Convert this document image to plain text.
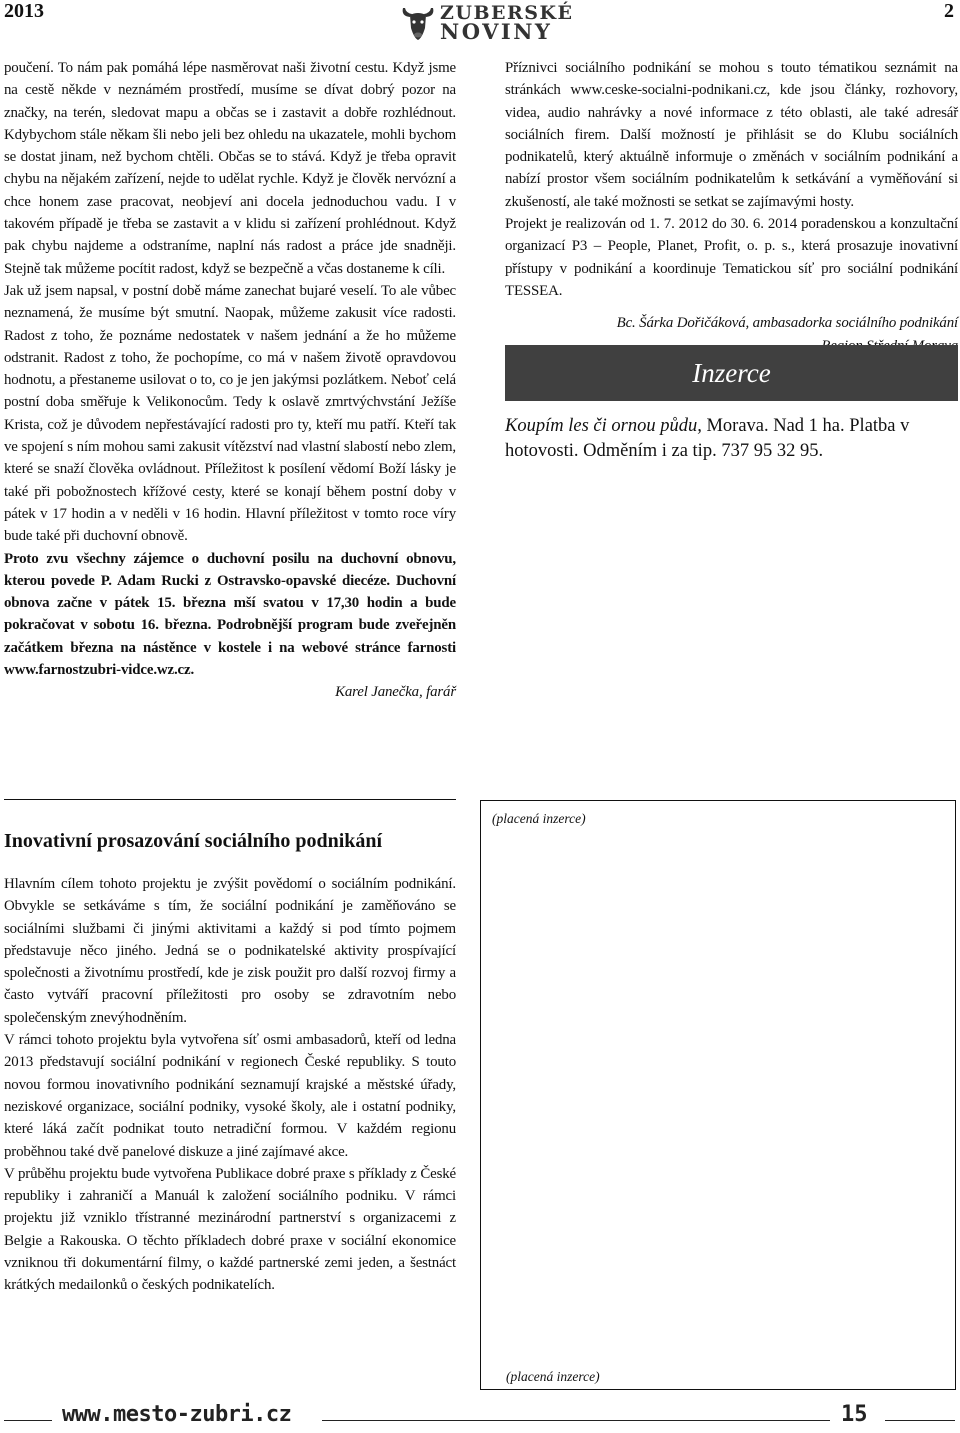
2013	ZUBERSKÉ
NOVINY
2

poučení. To nám pak pomáhá lépe nasměrovat naši životní cestu. Když jsme na cestě někde v neznámém prostředí, musíme se dívat dobrý pozor na značky, na terén, sledovat mapu a občas se i zastavit a dobře rozhlédnout. Kdybychom stále někam šli nebo jeli bez ohledu na ukazatele, mohli bychom se dostat jinam, než bychom chtěli. Občas se to stává. Když je třeba opravit chybu na nějakém zařízení, nejde to udělat rychle. Když je člověk nervózní a chce honem zase pracovat, neobjeví ani docela jednoduchou vadu. I v takovém případě je třeba se zastavit a v klidu si zařízení prohlédnout. Když pak chybu najdeme a odstraníme, naplní nás radost a práce jde snadněji. Stejně tak můžeme pocítit radost, když se bezpečně a včas dostaneme k cíli.

Jak už jsem napsal, v postní době máme zanechat bujaré veselí. To ale vůbec neznamená, že musíme být smutní. Naopak, můžeme zakusit více radosti. Radost z toho, že poznáme nedostatek v našem jednání a že ho můžeme odstranit. Radost z toho, že pochopíme, co má v našem životě opravdovou hodnotu, a přestaneme usilovat o to, co je jen jakýmsi pozlátkem. Neboť celá postní doba směřuje k Velikonocům. Tedy k oslavě zmrtvýchvstání Ježíše Krista, což je důvodem nepřestávající radosti pro ty, kteří mu patří. Kteří tak ve spojení s ním mohou sami zakusit vítězství nad vlastní slabostí nebo zlem, které se snaží člověka ovládnout. Příležitost k posílení vědomí Boží lásky je také při pobožnostech křížové cesty, které se konají během postní doby v pátek v 17 hodin a v neděli v 16 hodin. Hlavní příležitost v tomto roce víry bude také při duchovní obnově.

Proto zvu všechny zájemce o duchovní posilu na duchovní obnovu, kterou povede P. Adam Rucki z Ostravsko-opavské diecéze. Duchovní obnova začne v pátek 15. března mší svatou v 17,30 hodin a bude pokračovat v sobotu 16. března. Podrobnější program bude zveřejněn začátkem března na nástěnce v kostele i na webové stránce farnosti www.farnostzubri-vidce.wz.cz.

Karel Janečka, farář

Inovativní prosazování sociálního podnikání

Hlavním cílem tohoto projektu je zvýšit povědomí o sociálním podnikání. Obvykle se setkáváme s tím, že sociální podnikání je zaměňováno se sociálními službami či jinými aktivitami a každý si pod tímto pojmem představuje něco jiného. Jedná se o podnikatelské aktivity prospívající společnosti a životnímu prostředí, kde je zisk použit pro další rozvoj firmy a často vytváří pracovní příležitosti pro osoby se zdravotním nebo společenským znevýhodněním.

V rámci tohoto projektu byla vytvořena síť osmi ambasadorů, kteří od ledna 2013 představují sociální podnikání v regionech České republiky. S touto novou formou inovativního podnikání seznamují krajské a městské úřady, neziskové organizace, sociální podniky, vysoké školy, ale i ostatní podniky, které láká začít podnikat touto netradiční formou. V každém regionu proběhnou také dvě panelové diskuze a jiné zajímavé akce.

V průběhu projektu bude vytvořena Publikace dobré praxe s příklady z České republiky i zahraničí a Manuál k založení sociálního podniku. V rámci projektu již vzniklo třístranné mezinárodní partnerství s organizacemi z Belgie a Rakouska. O těchto příkladech dobré praxe v sociální ekonomice vzniknou tři dokumentární filmy, o každé partnerské zemi jeden, a šestnáct krátkých medailonků o českých podnikatelích.

Příznivci sociálního podnikání se mohou s touto tématikou seznámit na stránkách www.ceske-socialni-podnikani.cz, kde jsou články, rozhovory, videa, audio nahrávky a nové informace z této oblasti, ale také adresář sociálních firem. Další možností je přihlásit se do Klubu sociálních podnikatelů, který aktuálně informuje o změnách v sociálním podnikání a nabízí prostor všem sociálním podnikatelům k setkávání a vyměňování si zkušeností, ale také možnosti se setkat se zajímavými hosty.

Projekt je realizován od 1. 7. 2012 do 30. 6. 2014 poradenskou a konzultační organizací P3 – People, Planet, Profit, o. p. s., která prosazuje inovativní přístupy v podnikání a koordinuje Tematickou síť pro sociální podnikání TESSEA.

Bc. Šárka Dořičáková, ambasadorka sociálního podnikání

Inzerce
Koupím les či ornou půdu, Morava. Nad 1 ha. Platba v hotovosti. Odměním i za tip. 737 95 32 95.
(placená inzerce)
(placená inzerce)
www.mesto-zubri.cz	15
